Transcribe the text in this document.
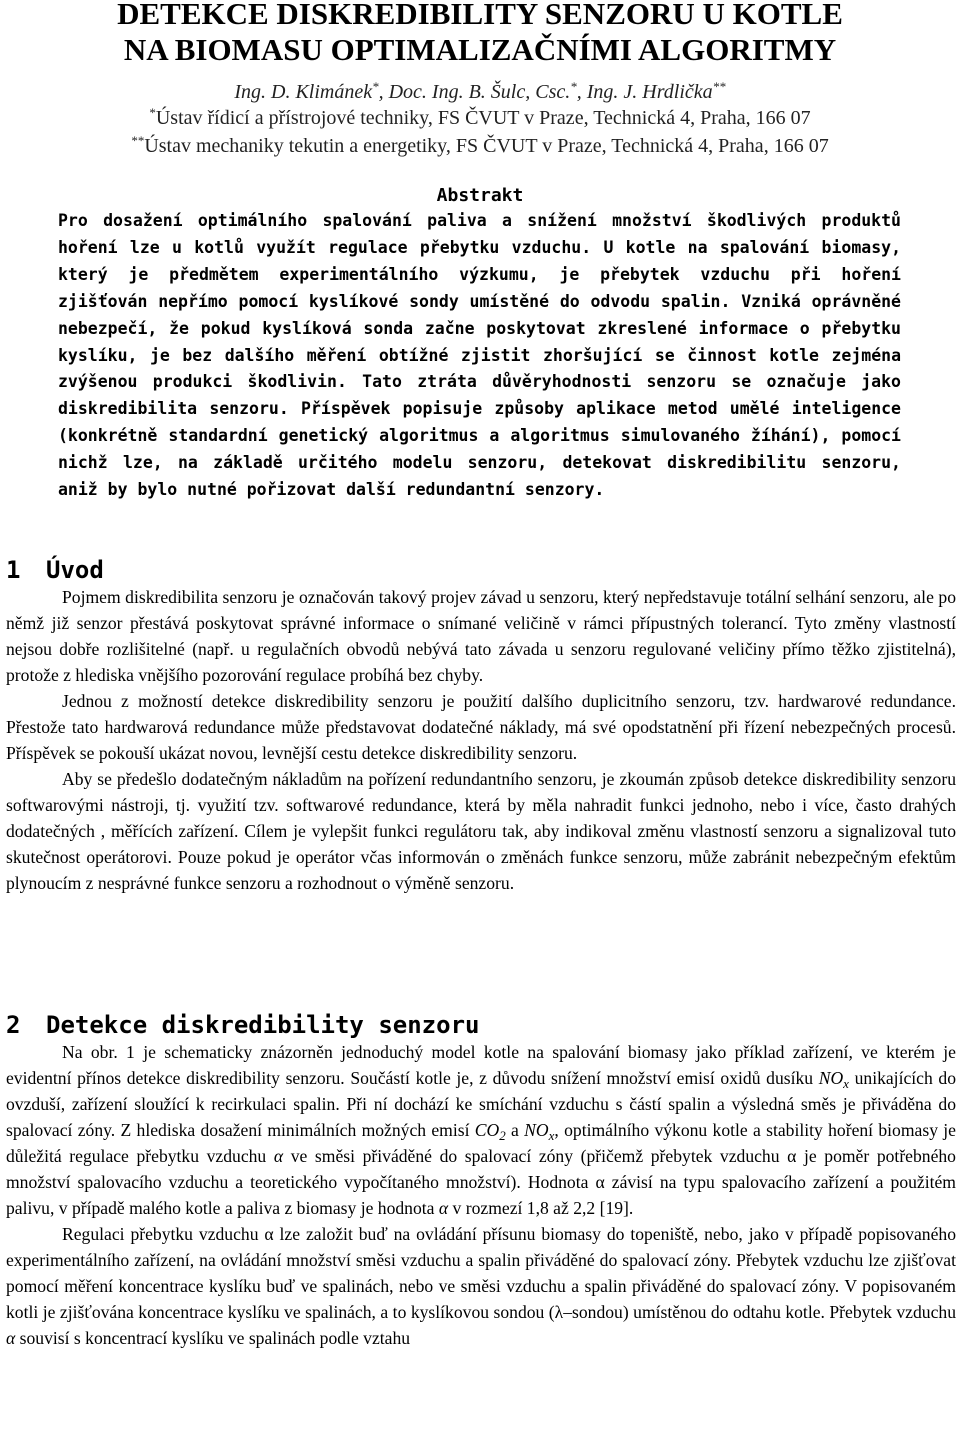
DETEKCE DISKREDIBILITY SENZORU U KOTLE
NA BIOMASU OPTIMALIZAČNÍMI ALGORITMY
Ing. D. Klimánek*, Doc. Ing. B. Šulc, Csc.*, Ing. J. Hrdlička**
*Ústav řídicí a přístrojové techniky, FS ČVUT v Praze, Technická 4, Praha, 166 07
**Ústav mechaniky tekutin a energetiky, FS ČVUT v Praze, Technická 4, Praha, 166 07
Abstrakt
Pro dosažení optimálního spalování paliva a snížení množství škodlivých produktů hoření lze u kotlů využít regulace přebytku vzduchu. U kotle na spalování biomasy, který je předmětem experimentálního výzkumu, je přebytek vzduchu při hoření zjišťován nepřímo pomocí kyslíkové sondy umístěné do odvodu spalin. Vzniká oprávněné nebezpečí, že pokud kyslíková sonda začne poskytovat zkreslené informace o přebytku kyslíku, je bez dalšího měření obtížné zjistit zhoršující se činnost kotle zejména zvýšenou produkci škodlivin. Tato ztráta důvěryhodnosti senzoru se označuje jako diskredibilita senzoru. Příspěvek popisuje způsoby aplikace metod umělé inteligence (konkrétně standardní genetický algoritmus a algoritmus simulovaného žíhání), pomocí nichž lze, na základě určitého modelu senzoru, detekovat diskredibilitu senzoru, aniž by bylo nutné pořizovat další redundantní senzory.
1 Úvod

Pojmem diskredibilita senzoru je označován takový projev závad u senzoru, který nepředstavuje totální selhání senzoru, ale po němž již senzor přestává poskytovat správné informace o snímané veličině v rámci přípustných tolerancí. Tyto změny vlastností nejsou dobře rozlišitelné (např. u regulačních obvodů nebývá tato závada u senzoru regulované veličiny přímo těžko zjistitelná), protože z hlediska vnějšího pozorování regulace probíhá bez chyby.

Jednou z možností detekce diskredibility senzoru je použití dalšího duplicitního senzoru, tzv. hardwarové redundance. Přestože tato hardwarová redundance může představovat dodatečné náklady, má své opodstatnění při řízení nebezpečných procesů. Příspěvek se pokouší ukázat novou, levnější cestu detekce diskredibility senzoru.

Aby se předešlo dodatečným nákladům na pořízení redundantního senzoru, je zkoumán způsob detekce diskredibility senzoru softwarovými nástroji, tj. využití tzv. softwarové redundance, která by měla nahradit funkci jednoho, nebo i více, často drahých dodatečných , měřících zařízení. Cílem je vylepšit funkci regulátoru tak, aby indikoval změnu vlastností senzoru a signalizoval tuto skutečnost operátorovi. Pouze pokud je operátor včas informován o změnách funkce senzoru, může zabránit nebezpečným efektům plynoucím z nesprávné funkce senzoru a rozhodnout o výměně senzoru.

2 Detekce diskredibility senzoru

Na obr. 1 je schematicky znázorněn jednoduchý model kotle na spalování biomasy jako příklad zařízení, ve kterém je evidentní přínos detekce diskredibility senzoru. Součástí kotle je, z důvodu snížení množství emisí oxidů dusíku $NO_x$ unikajících do ovzduší, zařízení sloužící k recirkulaci spalin. Při ní dochází ke smíchání vzduchu s částí spalin a výsledná směs je přiváděna do spalovací zóny. Z hlediska dosažení minimálních možných emisí $CO_2$ a $NO_x$, optimálního výkonu kotle a stability hoření biomasy je důležitá regulace přebytku vzduchu α ve směsi přiváděné do spalovací zóny (přičemž přebytek vzduchu α je poměr potřebného množství spalovacího vzduchu a teoretického vypočítaného množství). Hodnota α závisí na typu spalovacího zařízení a použitém palivu, v případě malého kotle a paliva z biomasy je hodnota α v rozmezí 1,8 až 2,2 [19].

Regulaci přebytku vzduchu α lze založit buď na ovládání přísunu biomasy do topeniště, nebo, jako v případě popisovaného experimentálního zařízení, na ovládání množství směsi vzduchu a spalin přiváděné do spalovací zóny. Přebytek vzduchu lze zjišťovat pomocí měření koncentrace kyslíku buď ve spalinách, nebo ve směsi vzduchu a spalin přiváděné do spalovací zóny. V popisovaném kotli je zjišťována koncentrace kyslíku ve spalinách, a to kyslíkovou sondou (λ–sondou) umístěnou do odtahu kotle. Přebytek vzduchu α souvisí s koncentrací kyslíku ve spalinách podle vztahu
